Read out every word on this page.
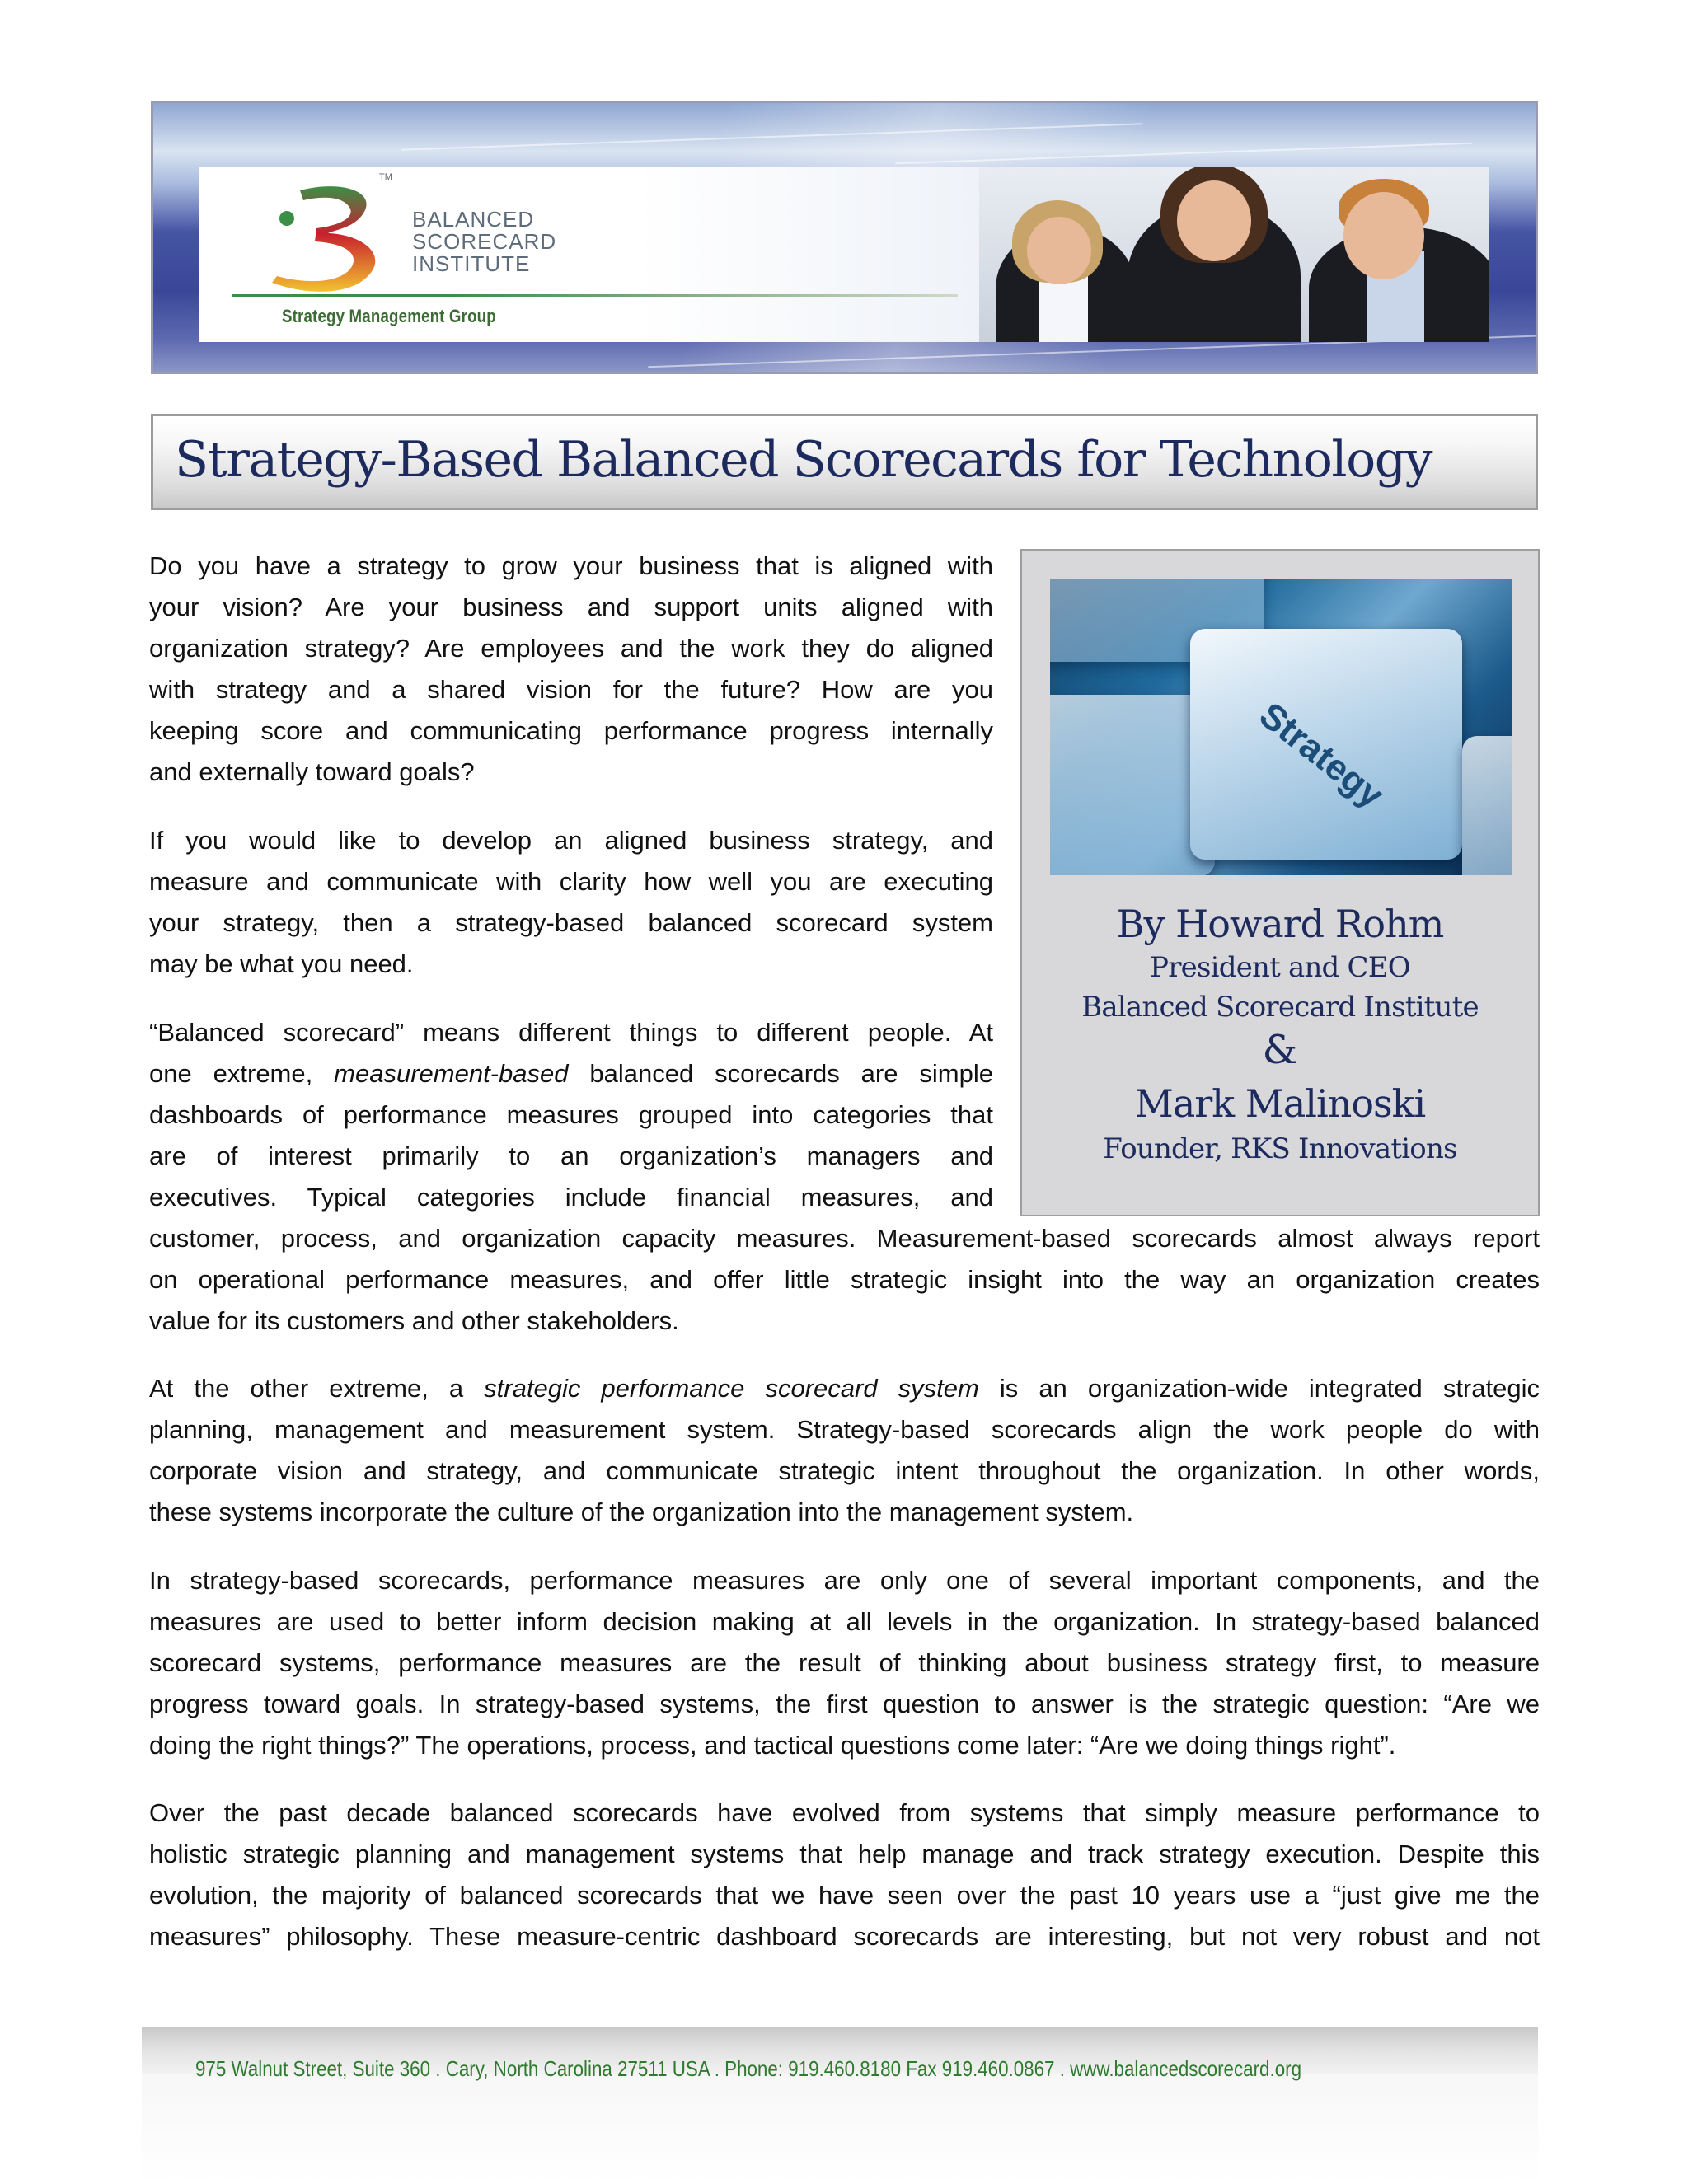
TM
BALANCED
SCORECARD
INSTITUTE
Strategy Management Group
Strategy-Based Balanced Scorecards for Technology
Strategy
By Howard Rohm
President and CEO
Balanced Scorecard Institute
&
Mark Malinoski
Founder, RKS Innovations
Do you have a strategy to grow your business that is aligned with
your vision? Are your business and support units aligned with
organization strategy? Are employees and the work they do aligned
with strategy and a shared vision for the future? How are you
keeping score and communicating performance progress internally
and externally toward goals?
If you would like to develop an aligned business strategy, and
measure and communicate with clarity how well you are executing
your strategy, then a strategy-based balanced scorecard system
may be what you need.
“Balanced scorecard” means different things to different people. At
one extreme, measurement-based balanced scorecards are simple
dashboards of performance measures grouped into categories that
are of interest primarily to an organization’s managers and
executives. Typical categories include financial measures, and
customer, process, and organization capacity measures. Measurement-based scorecards almost always report
on operational performance measures, and offer little strategic insight into the way an organization creates
value for its customers and other stakeholders.
At the other extreme, a strategic performance scorecard system is an organization-wide integrated strategic
planning, management and measurement system. Strategy-based scorecards align the work people do with
corporate vision and strategy, and communicate strategic intent throughout the organization. In other words,
these systems incorporate the culture of the organization into the management system.
In strategy-based scorecards, performance measures are only one of several important components, and the
measures are used to better inform decision making at all levels in the organization. In strategy-based balanced
scorecard systems, performance measures are the result of thinking about business strategy first, to measure
progress toward goals. In strategy-based systems, the first question to answer is the strategic question: “Are we
doing the right things?” The operations, process, and tactical questions come later: “Are we doing things right”.
Over the past decade balanced scorecards have evolved from systems that simply measure performance to
holistic strategic planning and management systems that help manage and track strategy execution. Despite this
evolution, the majority of balanced scorecards that we have seen over the past 10 years use a “just give me the
measures” philosophy. These measure-centric dashboard scorecards are interesting, but not very robust and not
975 Walnut Street, Suite 360 . Cary, North Carolina 27511 USA . Phone: 919.460.8180 Fax 919.460.0867 . www.balancedscorecard.org
